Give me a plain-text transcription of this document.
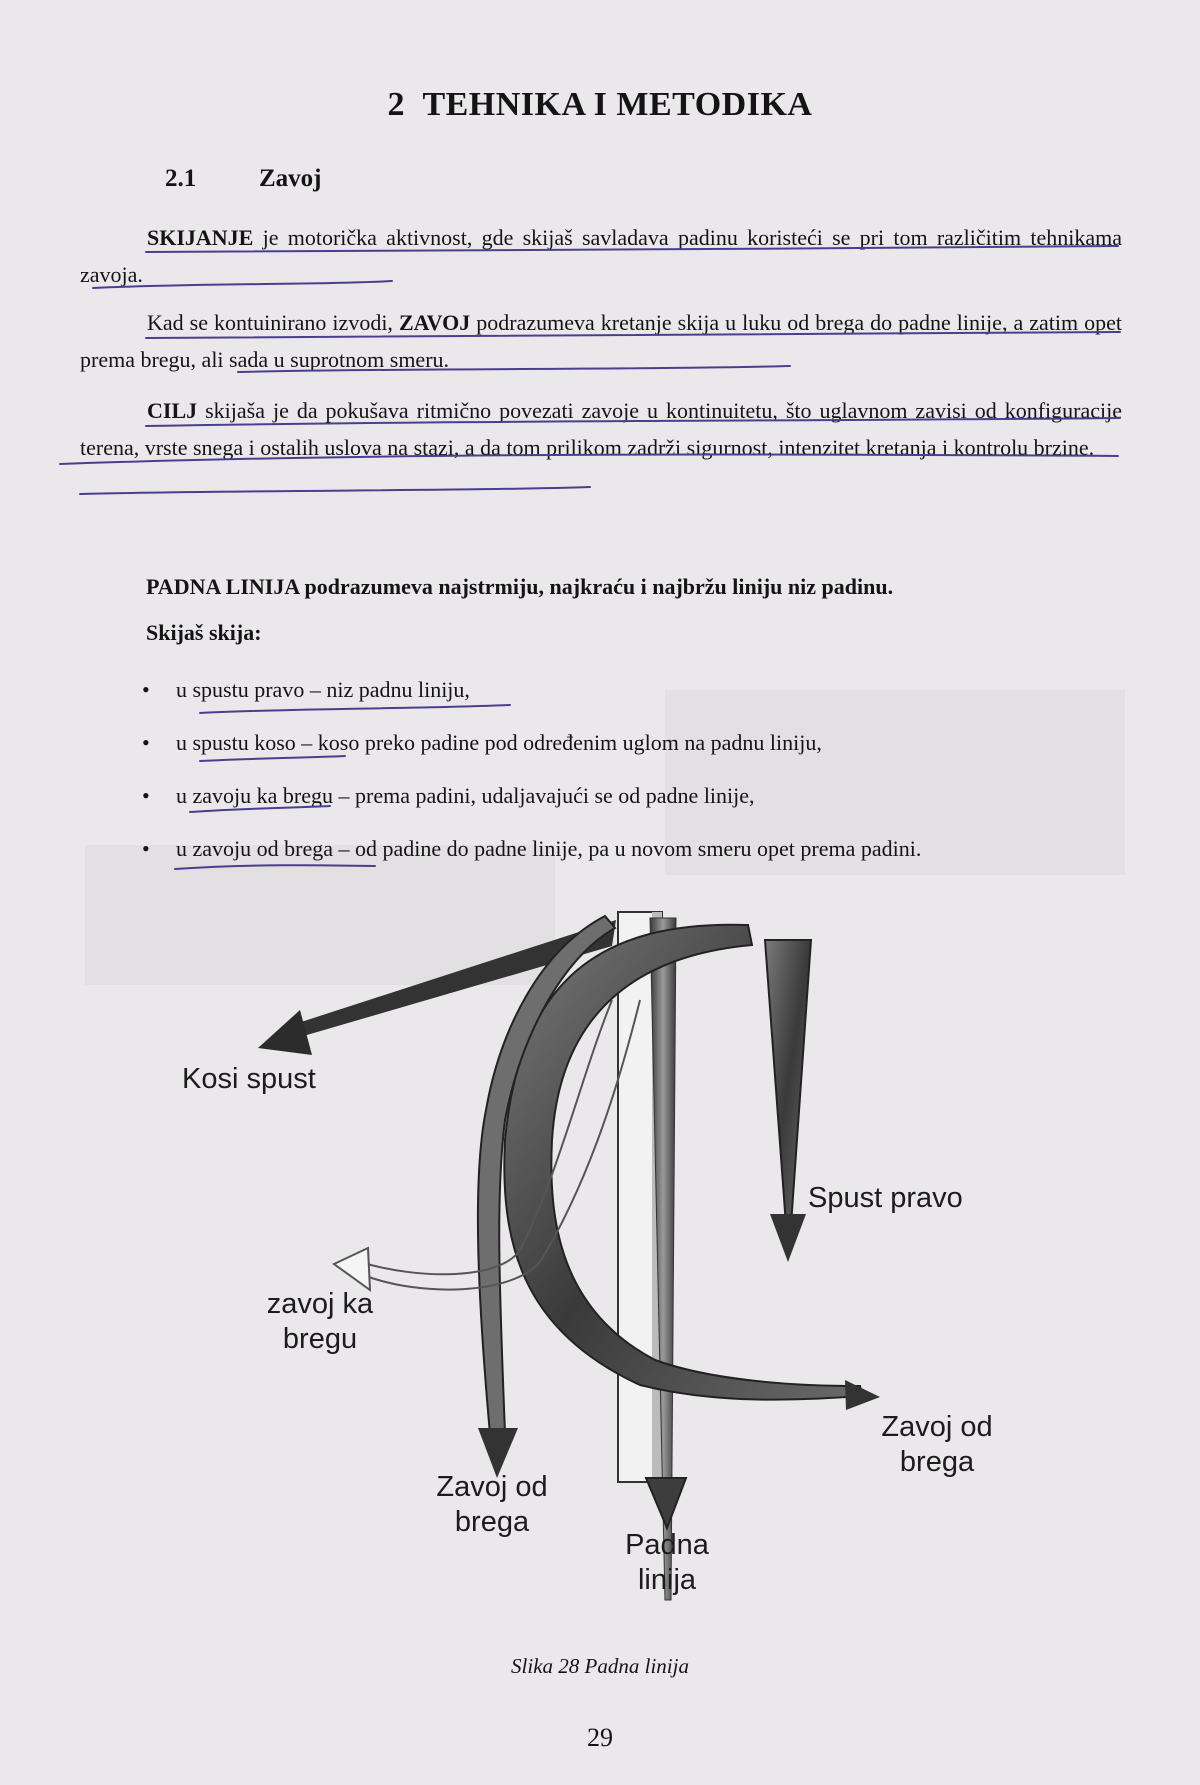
2 TEHNIKA I METODIKA
2.1	Zavoj

SKIJANJE je motorička aktivnost, gde skijaš savladava padinu koristeći se pri tom različitim tehnikama zavoja.

Kad se kontuinirano izvodi, ZAVOJ podrazumeva kretanje skija u luku od brega do padne linije, a zatim opet prema bregu, ali sada u suprotnom smeru.

CILJ skijaša je da pokušava ritmično povezati zavoje u kontinuitetu, što uglavnom zavisi od konfiguracije terena, vrste snega i ostalih uslova na stazi, a da tom prilikom zadrži sigurnost, intenzitet kretanja i kontrolu brzine.

PADNA LINIJA podrazumeva najstrmiju, najkraću i najbržu liniju niz padinu.
Skijaš skija:
• u spustu pravo – niz padnu liniju,
• u spustu koso – koso preko padine pod određenim uglom na padnu liniju,
• u zavoju ka bregu – prema padini, udaljavajući se od padne linije,
• u zavoju od brega – od padine do padne linije, pa u novom smeru opet prema padini.
Kosi spust
Spust pravo
zavoj ka
bregu
Zavoj od
brega
Zavoj od
brega
Padna
linija
Slika 28 Padna linija
29
